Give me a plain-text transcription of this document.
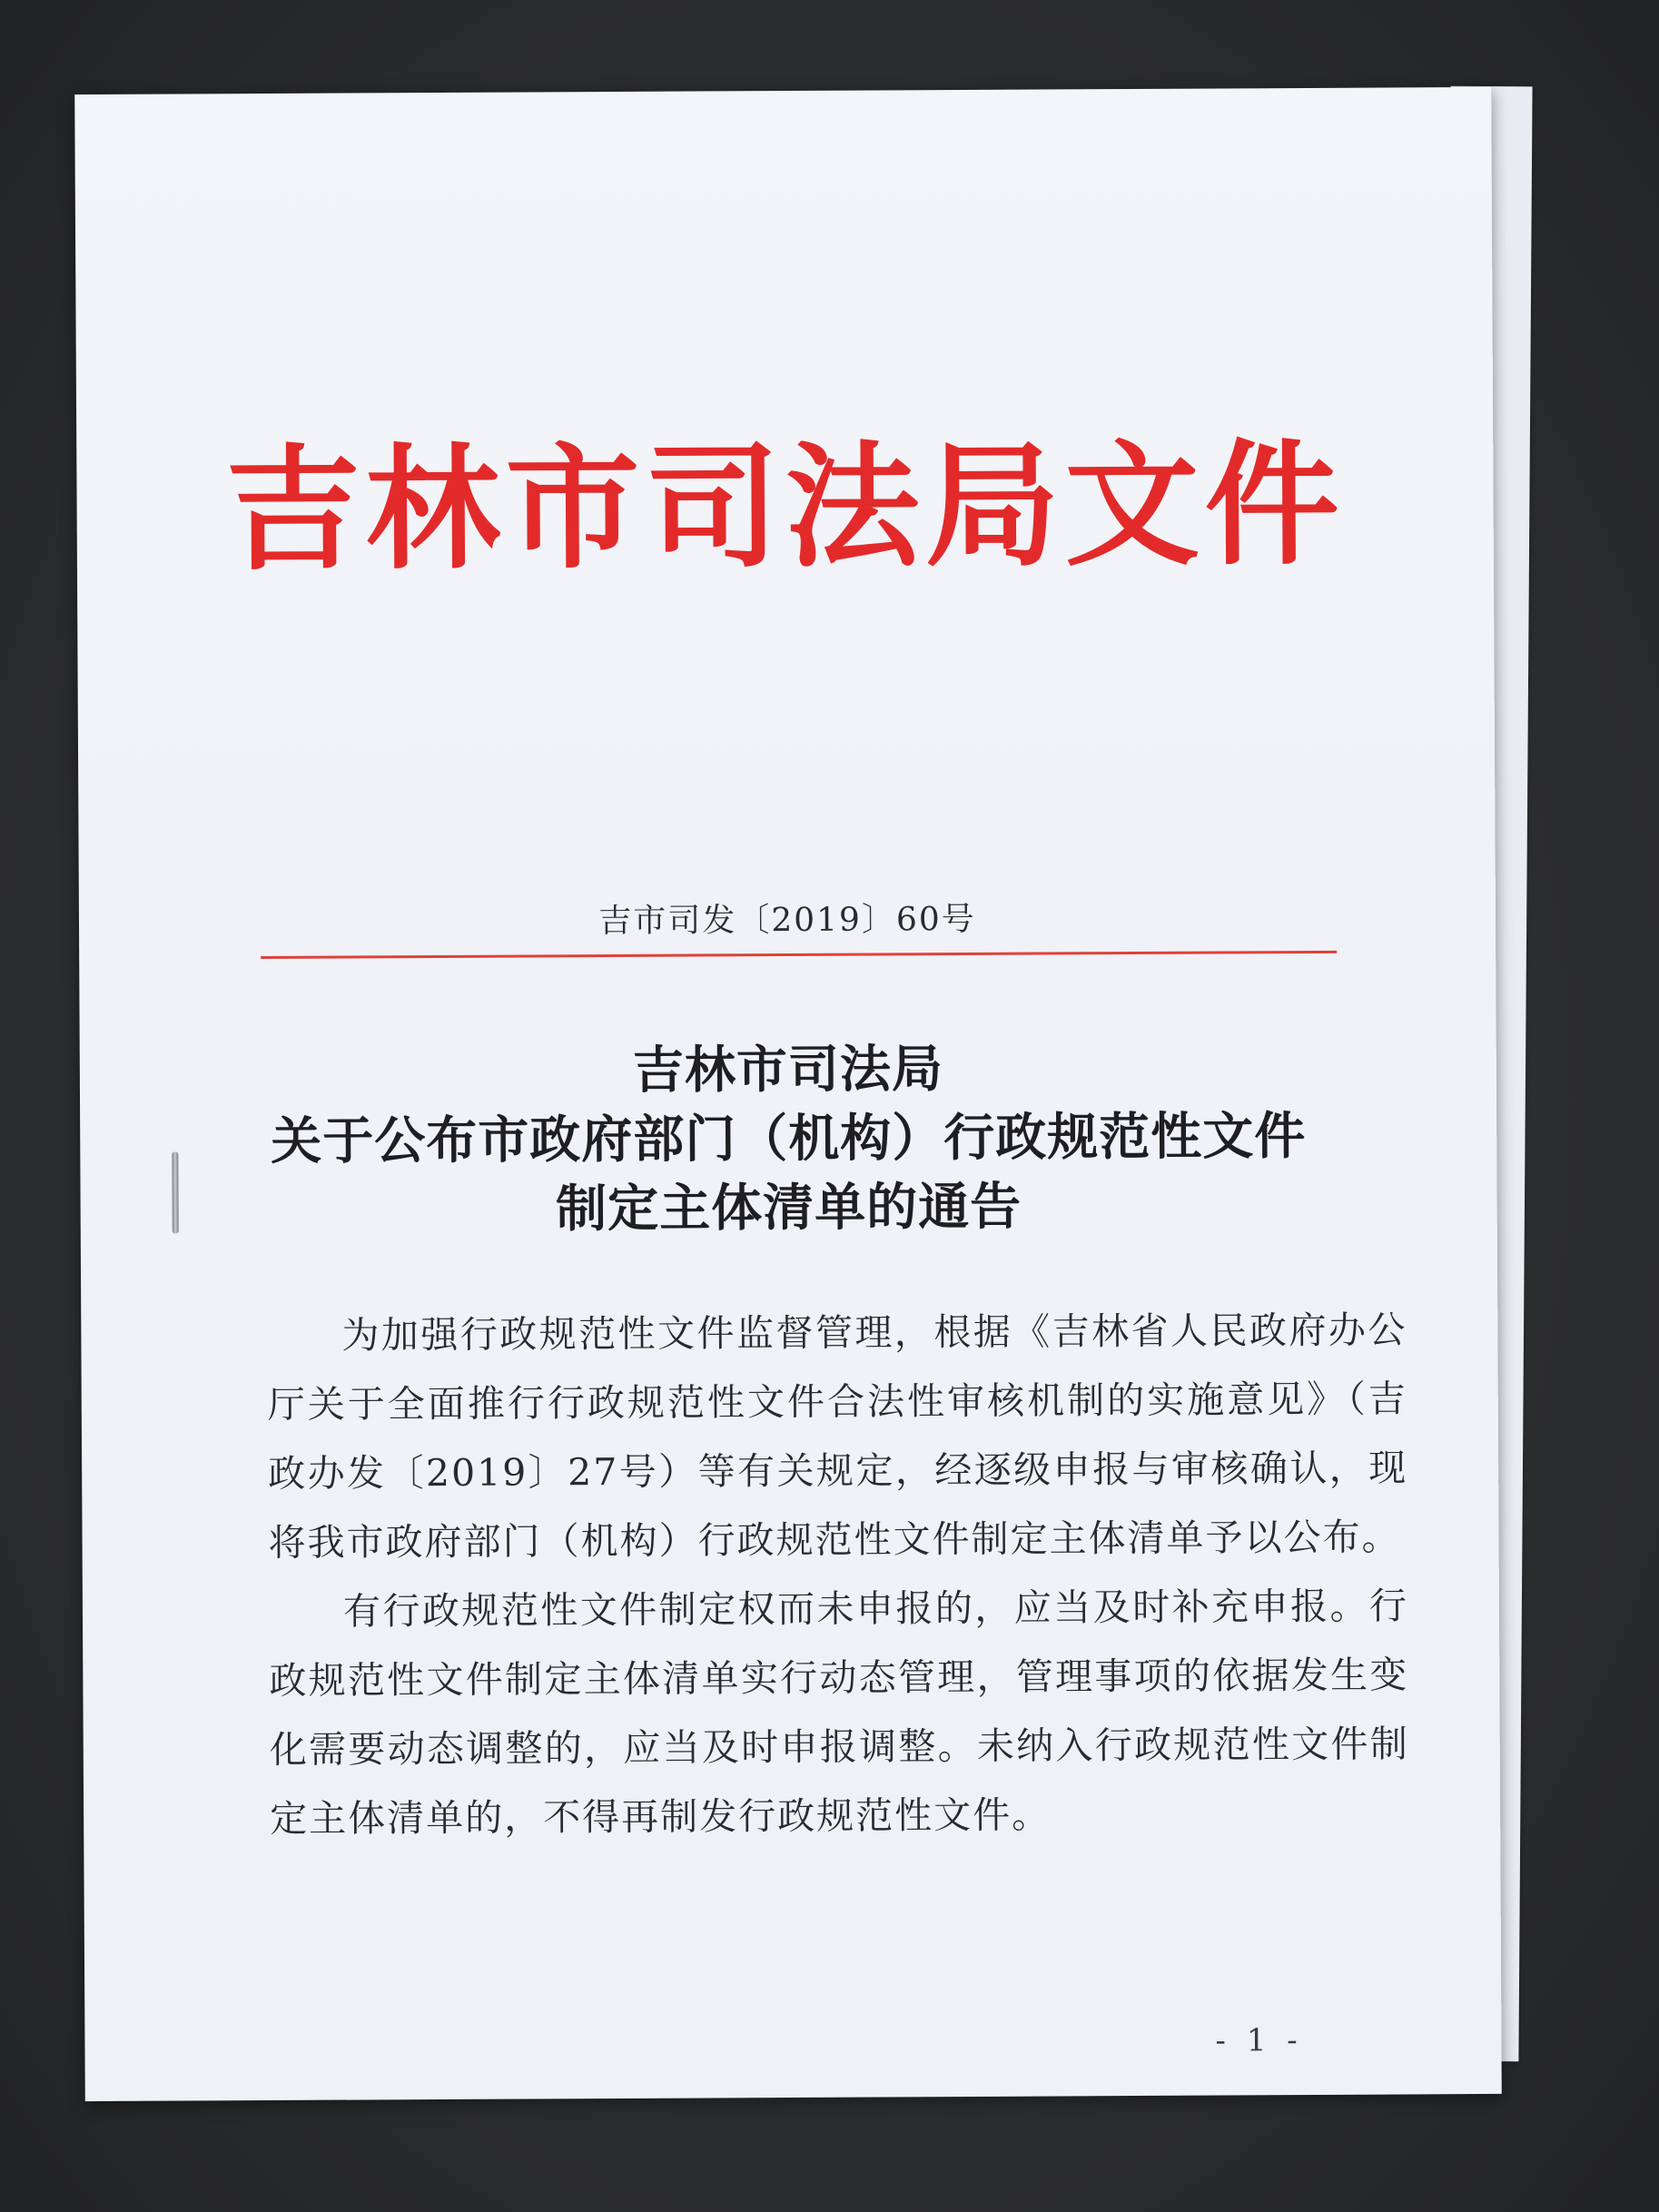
吉林市司法局文件
吉市司发〔2019〕60号
吉林市司法局
关于公布市政府部门（机构）行政规范性文件
制定主体清单的通告

为加强行政规范性文件监督管理，根据《吉林省人民政府办公厅关于全面推行行政规范性文件合法性审核机制的实施意见》（吉政办发〔2019〕27号）等有关规定，经逐级申报与审核确认，现将我市政府部门（机构）行政规范性文件制定主体清单予以公布。

有行政规范性文件制定权而未申报的，应当及时补充申报。行政规范性文件制定主体清单实行动态管理，管理事项的依据发生变化需要动态调整的，应当及时申报调整。未纳入行政规范性文件制定主体清单的，不得再制发行政规范性文件。

- 1 -
